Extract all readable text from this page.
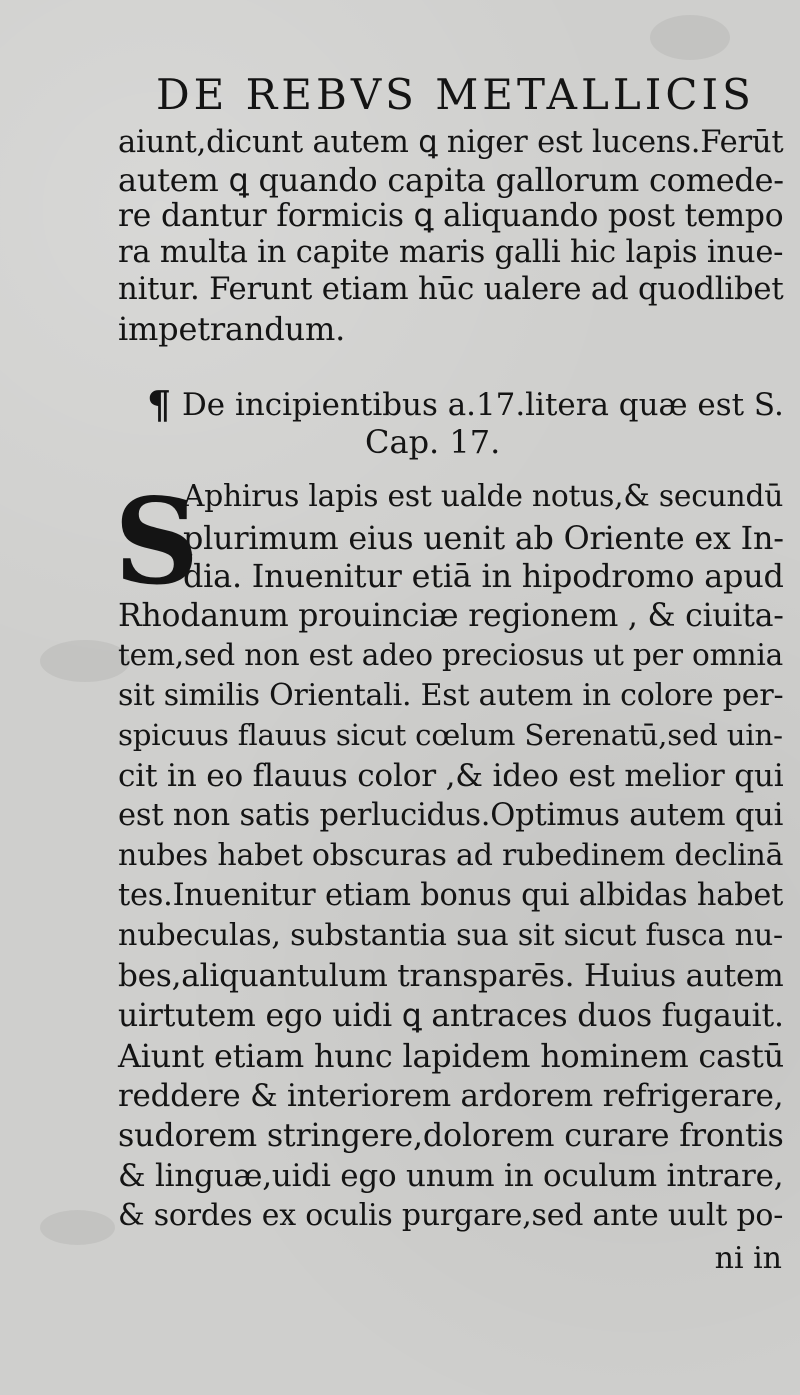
DE REBVS METALLICIS
aiunt,dicunt autem ꝗ niger est lucens.Ferūt
autem ꝗ quando capita gallorum comede-
re dantur formicis ꝗ aliquando post tempo
ra multa in capite maris galli hic lapis inue-
nitur. Ferunt etiam hūc ualere ad quodlibet
impetrandum.
¶ De incipientibus a.17.litera quæ est S.
Cap. 17.
S
Aphirus lapis est ualde notus,& secundū
plurimum eius uenit ab Oriente ex In-
dia. Inuenitur etiā in hipodromo apud
Rhodanum prouinciæ regionem , & ciuita-
tem,sed non est adeo preciosus ut per omnia
sit similis Orientali. Est autem in colore per-
spicuus flauus sicut cœlum Serenatū,sed uin-
cit in eo flauus color ,& ideo est melior qui
est non satis perlucidus.Optimus autem qui
nubes habet obscuras ad rubedinem declinā
tes.Inuenitur etiam bonus qui albidas habet
nubeculas, substantia sua sit sicut fusca nu-
bes,aliquantulum transparēs. Huius autem
uirtutem ego uidi ꝗ antraces duos fugauit.
Aiunt etiam hunc lapidem hominem castū
reddere & interiorem ardorem refrigerare,
sudorem stringere,dolorem curare frontis
& linguæ,uidi ego unum in oculum intrare,
& sordes ex oculis purgare,sed ante uult po-
ni in
